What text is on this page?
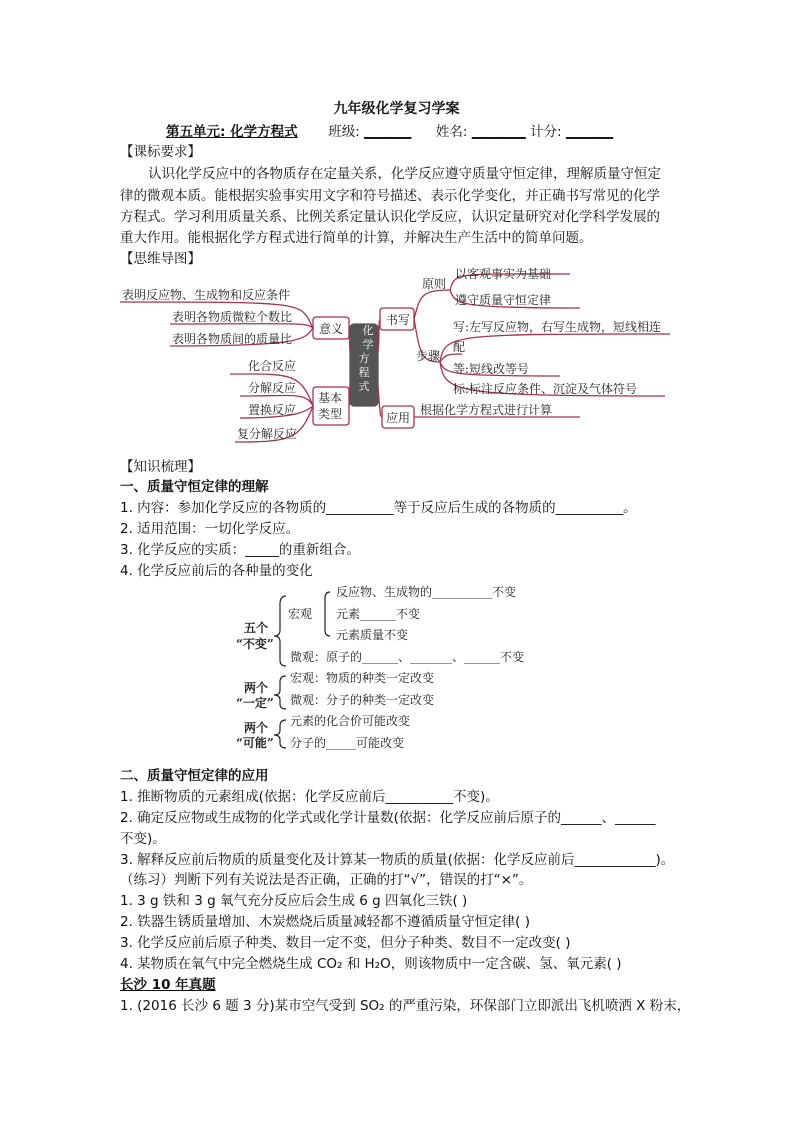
九年级化学复习学案
第五单元: 化学方程式 班级: _______ 姓名: ________ 计分: _______
【课标要求】
认识化学反应中的各物质存在定量关系，化学反应遵守质量守恒定律，理解质量守恒定
律的微观本质。能根据实验事实用文字和符号描述、表示化学变化，并正确书写常见的化学
方程式。学习利用质量关系、比例关系定量认识化学反应，认识定量研究对化学科学发展的
重大作用。能根据化学方程式进行简单的计算，并解决生产生活中的简单问题。
【思维导图】
化
学
方
程
式
意义
基本
类型
书写
应用
表明反应物、生成物和反应条件
表明各物质微粒个数比
表明各物质间的质量比
化合反应
分解反应
置换反应
复分解反应
原则
步骤
以客观事实为基础
遵守质量守恒定律
写:左写反应物，右写生成物，短线相连
配
等:短线改等号
标:标注反应条件、沉淀及气体符号
根据化学方程式进行计算
【知识梳理】
一、质量守恒定律的理解
1. 内容：参加化学反应的各物质的__________等于反应后生成的各物质的__________。
2. 适用范围：一切化学反应。
3. 化学反应的实质：_____的重新组合。
4. 化学反应前后的各种量的变化
五个
“不变”
宏观
反应物、生成物的__________不变
元素______不变
元素质量不变
微观：原子的______、_______、______不变
两个
“一定”
宏观：物质的种类一定改变
微观：分子的种类一定改变
两个
“可能”
元素的化合价可能改变
分子的_____可能改变
二、质量守恒定律的应用
1. 推断物质的元素组成(依据：化学反应前后__________不变)。
2. 确定反应物或生成物的化学式或化学计量数(依据：化学反应前后原子的______、______
不变)。
3. 解释反应前后物质的质量变化及计算某一物质的质量(依据：化学反应前后____________)。
（练习）判断下列有关说法是否正确，正确的打“√”，错误的打“×”。
1. 3 g 铁和 3 g 氧气充分反应后会生成 6 g 四氧化三铁( )
2. 铁器生锈质量增加、木炭燃烧后质量减轻都不遵循质量守恒定律( )
3. 化学反应前后原子种类、数目一定不变，但分子种类、数目不一定改变( )
4. 某物质在氧气中完全燃烧生成 CO₂ 和 H₂O，则该物质中一定含碳、氢、氧元素( )
长沙 10 年真题
1. (2016 长沙 6 题 3 分)某市空气受到 SO₂ 的严重污染，环保部门立即派出飞机喷洒 X 粉末，
